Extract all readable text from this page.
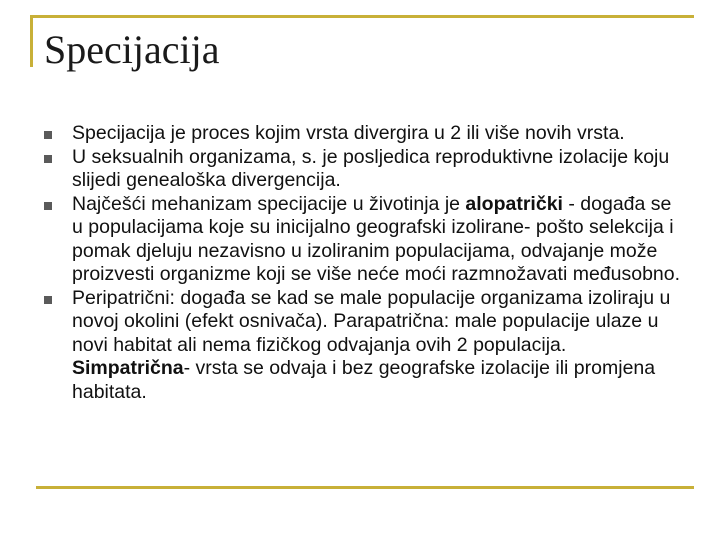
Specijacija
Specijacija je proces kojim vrsta divergira u 2 ili više novih vrsta.
U seksualnih organizama, s. je posljedica reproduktivne izolacije koju slijedi genealoška divergencija.
Najčešći mehanizam specijacije u životinja je alopatrički - događa se u populacijama koje su inicijalno geografski izolirane- pošto selekcija i pomak djeluju nezavisno u izoliranim populacijama, odvajanje može proizvesti organizme koji se više neće moći razmnožavati međusobno.
Peripatrični: događa se kad se male populacije organizama izoliraju u novoj okolini (efekt osnivača). Parapatrična: male populacije ulaze u novi habitat ali nema fizičkog odvajanja ovih 2 populacija. Simpatrična- vrsta se odvaja i bez geografske izolacije ili promjena habitata.
